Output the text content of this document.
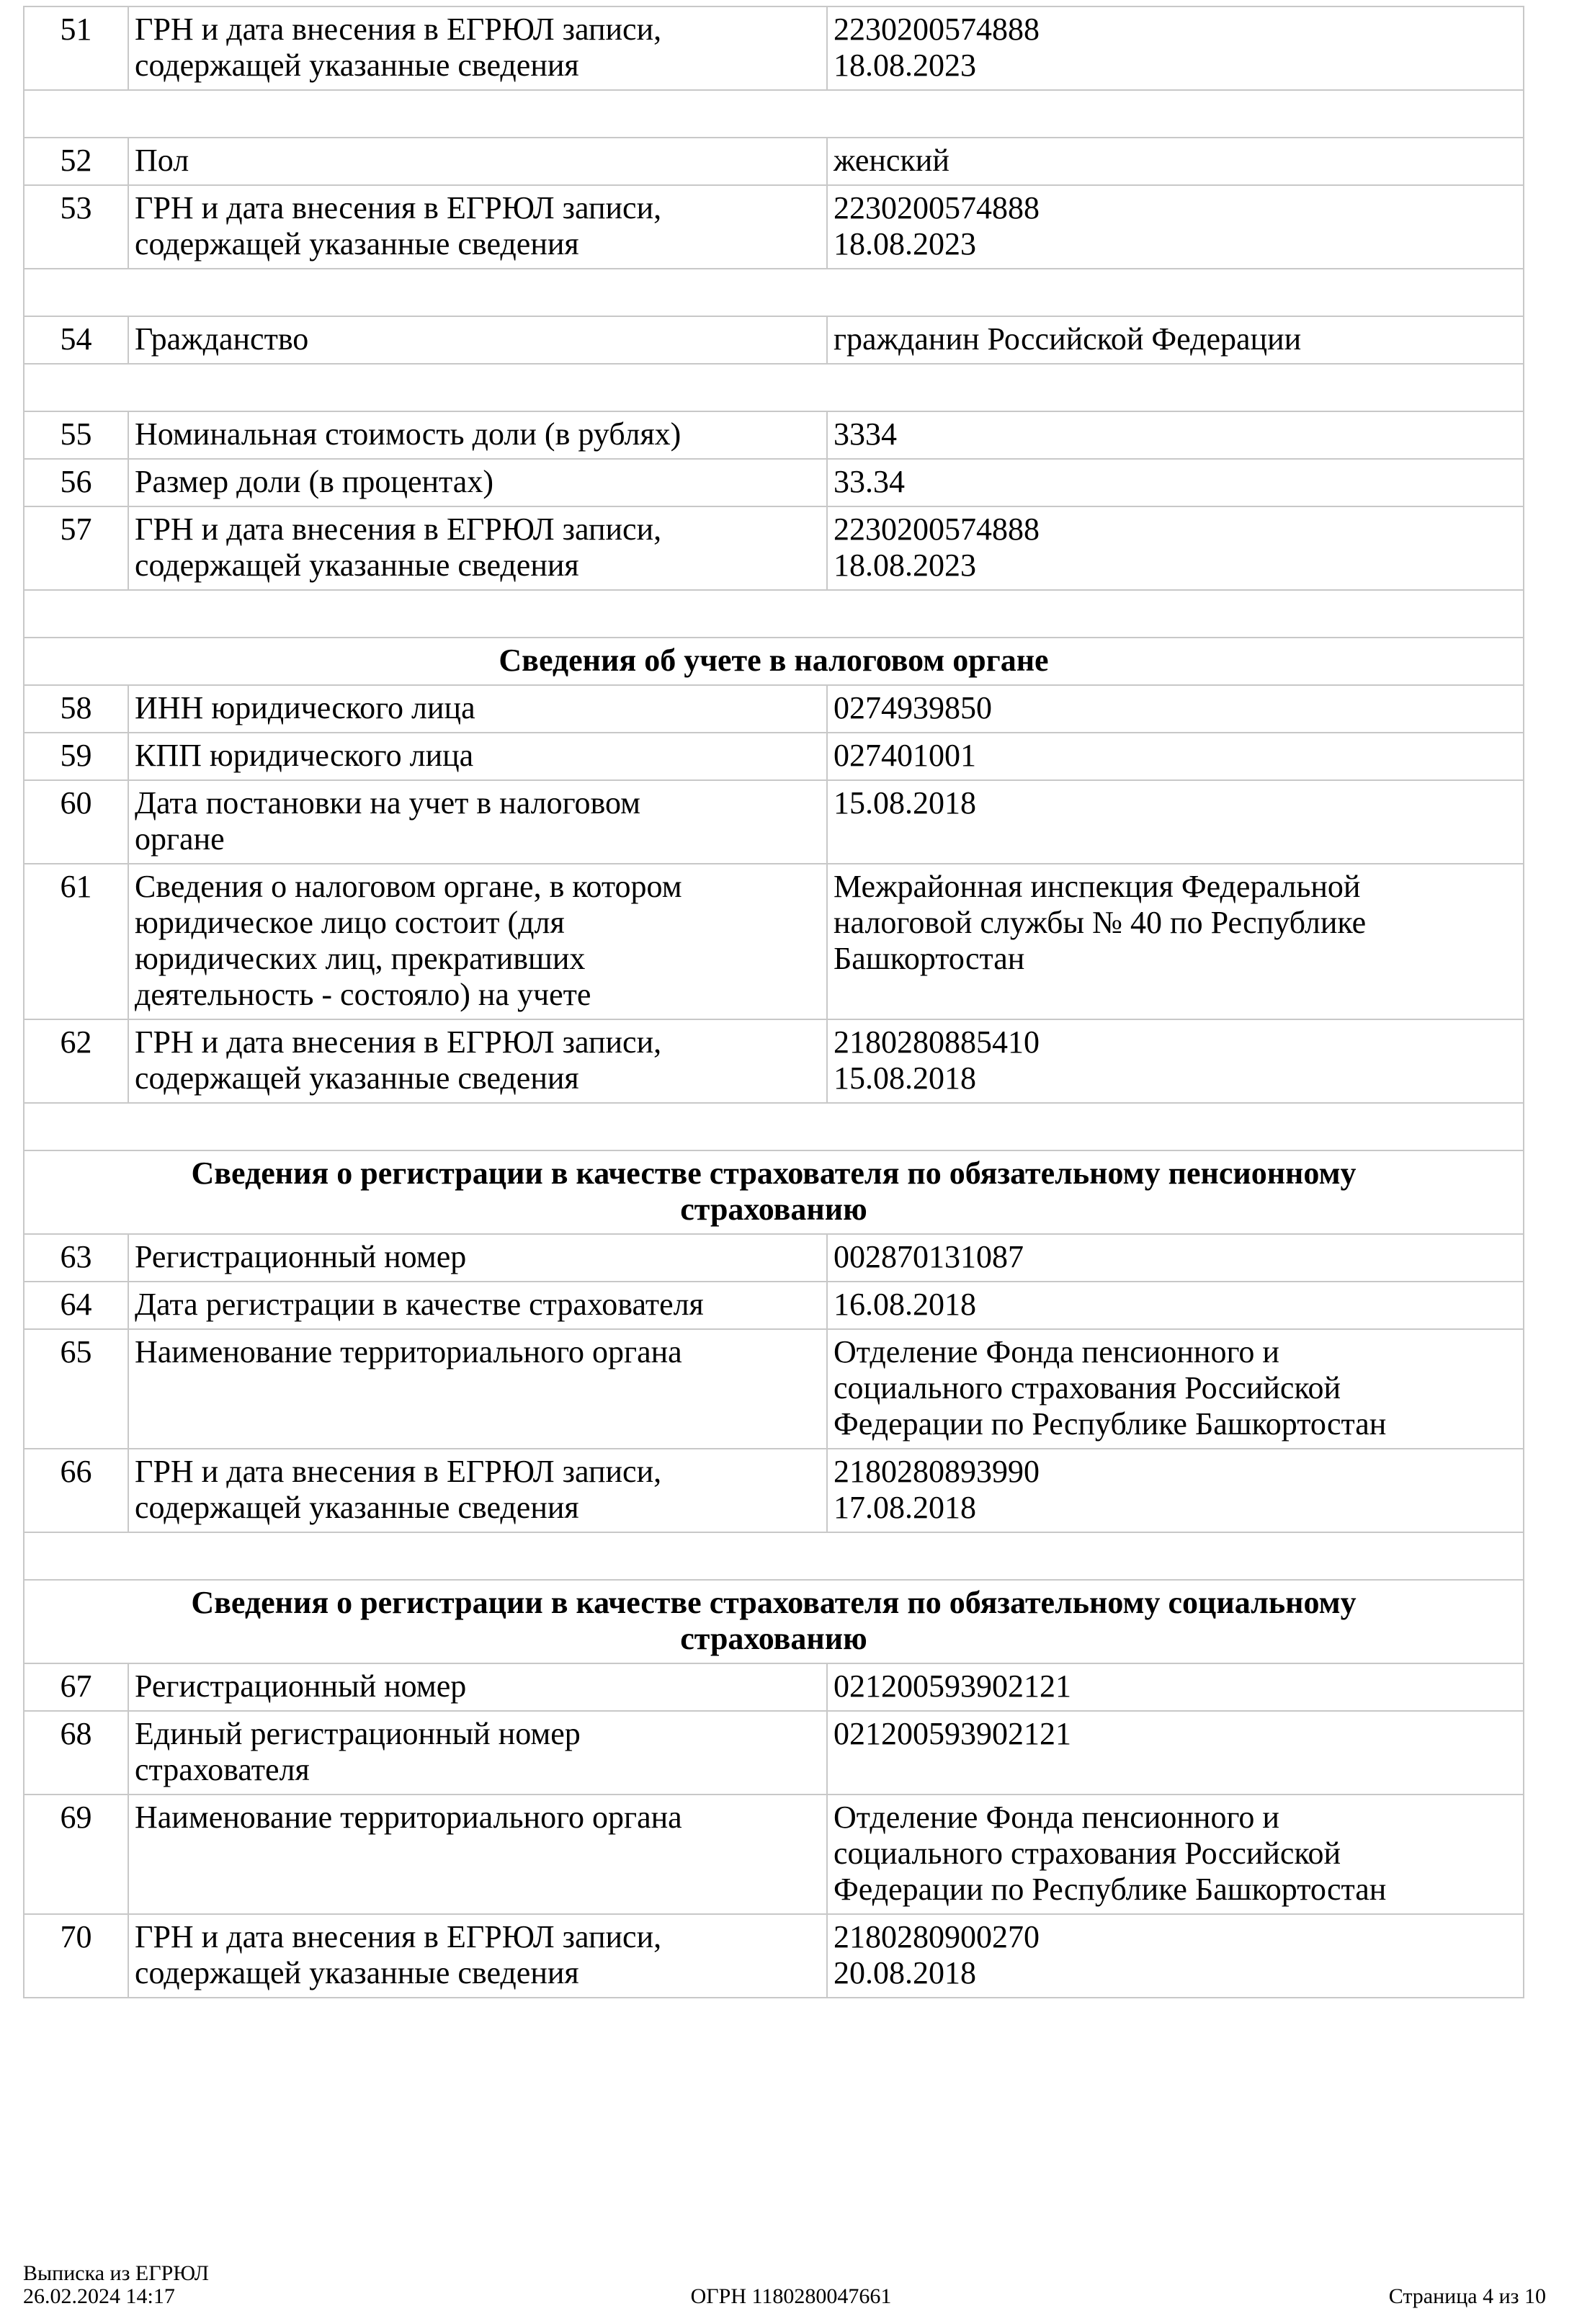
51	ГРН и дата внесения в ЕГРЮЛ записи,
содержащей указанные сведения	2230200574888
18.08.2023

52	Пол	женский
53	ГРН и дата внесения в ЕГРЮЛ записи,
содержащей указанные сведения	2230200574888
18.08.2023

54	Гражданство	гражданин Российской Федерации

55	Номинальная стоимость доли (в рублях)	3334
56	Размер доли (в процентах)	33.34
57	ГРН и дата внесения в ЕГРЮЛ записи,
содержащей указанные сведения	2230200574888
18.08.2023

Сведения об учете в налоговом органе		
58	ИНН юридического лица	0274939850
59	КПП юридического лица	027401001
60	Дата постановки на учет в налоговом
органе	15.08.2018
61	Сведения о налоговом органе, в котором
юридическое лицо состоит (для
юридических лиц, прекративших
деятельность - состояло) на учете	Межрайонная инспекция Федеральной
налоговой службы № 40 по Республике
Башкортостан
62	ГРН и дата внесения в ЕГРЮЛ записи,
содержащей указанные сведения	2180280885410
15.08.2018

Сведения о регистрации в качестве страхователя по обязательному пенсионному
страхованию		
63	Регистрационный номер	002870131087
64	Дата регистрации в качестве страхователя	16.08.2018
65	Наименование территориального органа	Отделение Фонда пенсионного и
социального страхования Российской
Федерации по Республике Башкортостан
66	ГРН и дата внесения в ЕГРЮЛ записи,
содержащей указанные сведения	2180280893990
17.08.2018

Сведения о регистрации в качестве страхователя по обязательному социальному
страхованию		
67	Регистрационный номер	021200593902121
68	Единый регистрационный номер
страхователя	021200593902121
69	Наименование территориального органа	Отделение Фонда пенсионного и
социального страхования Российской
Федерации по Республике Башкортостан
70	ГРН и дата внесения в ЕГРЮЛ записи,
содержащей указанные сведения	2180280900270
20.08.2018
Выписка из ЕГРЮЛ
26.02.2024 14:17	ОГРН 1180280047661	Страница 4 из 10
